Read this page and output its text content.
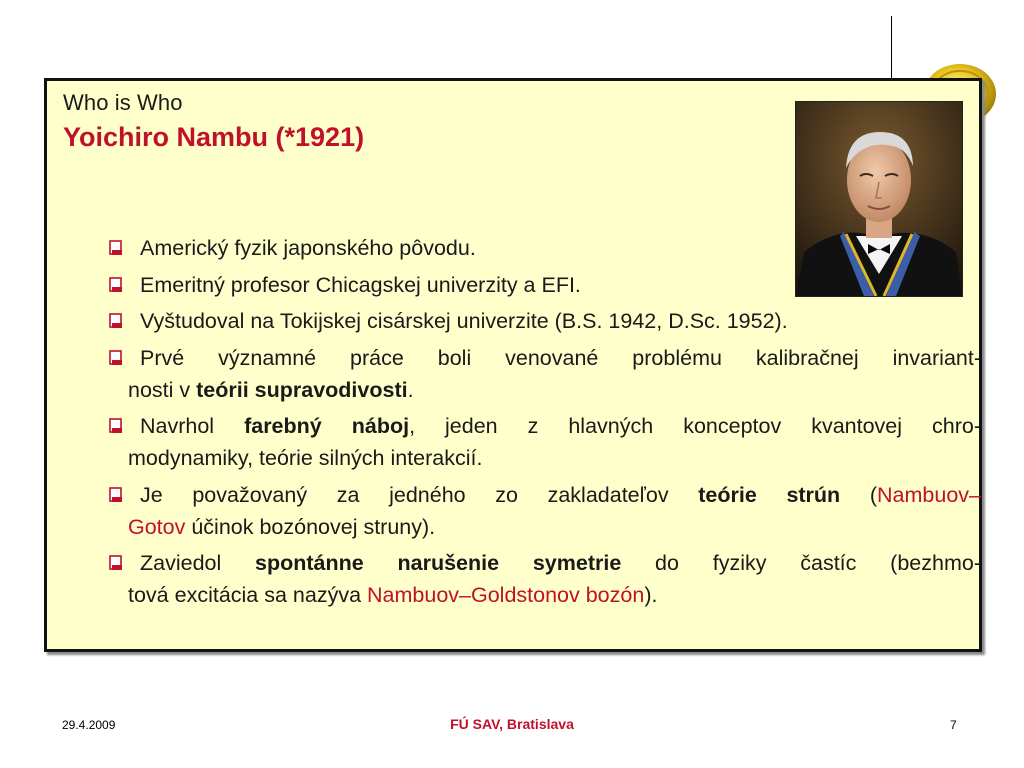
Who is Who
Yoichiro Nambu (*1921)
Americký fyzik japonského pôvodu.
Emeritný profesor Chicagskej univerzity a EFI.
Vyštudoval na Tokijskej cisárskej univerzite (B.S. 1942, D.Sc. 1952).
Prvé významné práce boli venované problému kalibračnej invariant-
nosti v teórii supravodivosti.
Navrhol farebný náboj, jeden z hlavných konceptov kvantovej chro-
modynamiky, teórie silných interakcií.
Je považovaný za jedného zo zakladateľov teórie strún (Nambuov–
Gotov účinok bozónovej struny).
Zaviedol spontánne narušenie symetrie do fyziky častíc (bezhmo-
tová excitácia sa nazýva Nambuov–Goldstonov bozón).
29.4.2009	FÚ SAV, Bratislava	7
